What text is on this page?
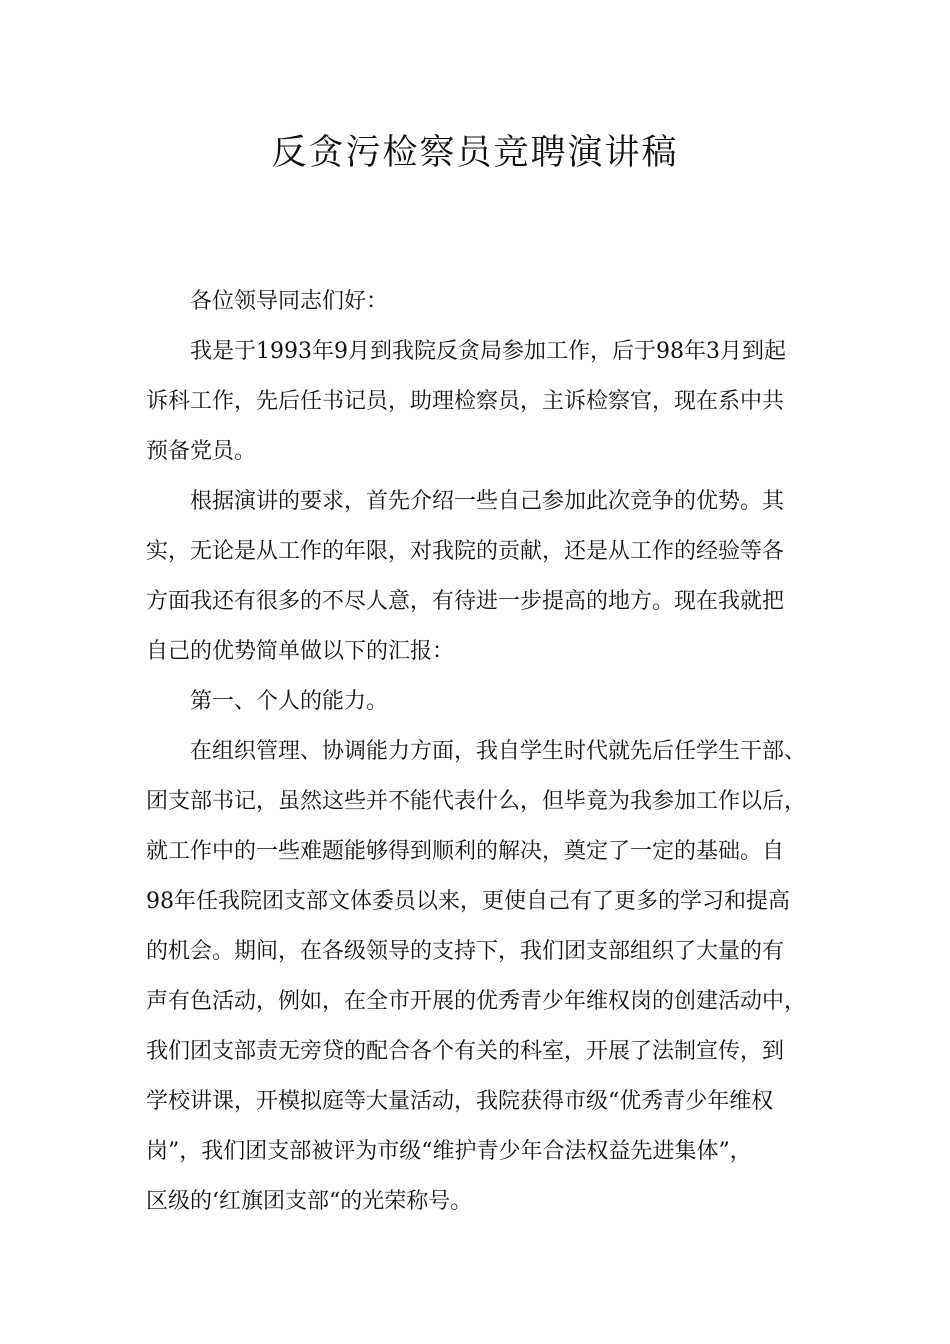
反贪污检察员竞聘演讲稿
各位领导同志们好：
我是于1993年9月到我院反贪局参加工作，后于98年3月到起
诉科工作，先后任书记员，助理检察员，主诉检察官，现在系中共
预备党员。
根据演讲的要求，首先介绍一些自己参加此次竞争的优势。其
实，无论是从工作的年限，对我院的贡献，还是从工作的经验等各
方面我还有很多的不尽人意，有待进一步提高的地方。现在我就把
自己的优势简单做以下的汇报：
第一、个人的能力。
在组织管理、协调能力方面，我自学生时代就先后任学生干部、
团支部书记，虽然这些并不能代表什么，但毕竟为我参加工作以后，
就工作中的一些难题能够得到顺利的解决，奠定了一定的基础。自
98年任我院团支部文体委员以来，更使自己有了更多的学习和提高
的机会。期间，在各级领导的支持下，我们团支部组织了大量的有
声有色活动，例如，在全市开展的优秀青少年维权岗的创建活动中，
我们团支部责无旁贷的配合各个有关的科室，开展了法制宣传，到
学校讲课，开模拟庭等大量活动，我院获得市级“优秀青少年维权
岗”，我们团支部被评为市级“维护青少年合法权益先进集体”，
区级的‘红旗团支部“的光荣称号。
